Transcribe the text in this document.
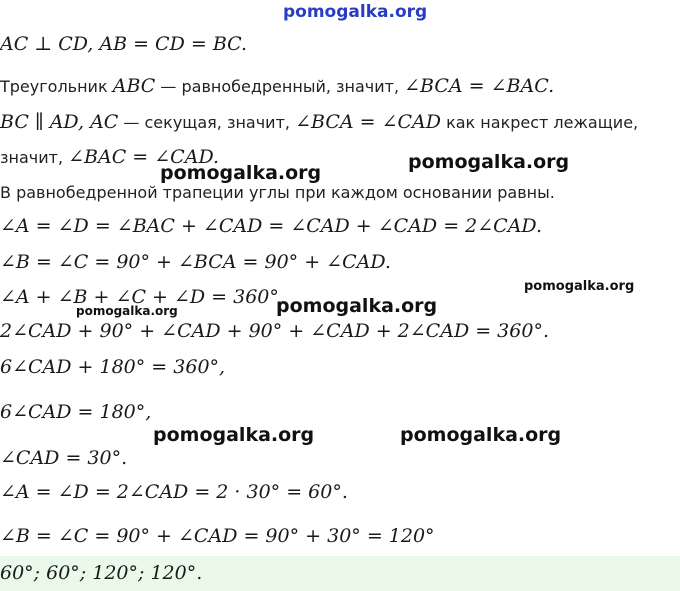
pomogalka.org
AC ⊥ CD, AB = CD = BC.
Треугольник ABC — равнобедренный, значит, ∠BCA = ∠BAC.
BC ∥ AD, AC — секущая, значит, ∠BCA = ∠CAD как накрест лежащие,
значит, ∠BAC = ∠CAD.
В равнобедренной трапеции углы при каждом основании равны.
∠A = ∠D = ∠BAC + ∠CAD = ∠CAD + ∠CAD = 2∠CAD.
∠B = ∠C = 90° + ∠BCA = 90° + ∠CAD.
∠A + ∠B + ∠C + ∠D = 360°,
2∠CAD + 90° + ∠CAD + 90° + ∠CAD + 2∠CAD = 360°.
6∠CAD + 180° = 360°,
6∠CAD = 180°,
∠CAD = 30°.
∠A = ∠D = 2∠CAD = 2 · 30° = 60°.
∠B = ∠C = 90° + ∠CAD = 90° + 30° = 120°
60°; 60°; 120°; 120°.
pomogalka.org	pomogalka.org
pomogalka.org
pomogalka.org
pomogalka.org
pomogalka.org	pomogalka.org
